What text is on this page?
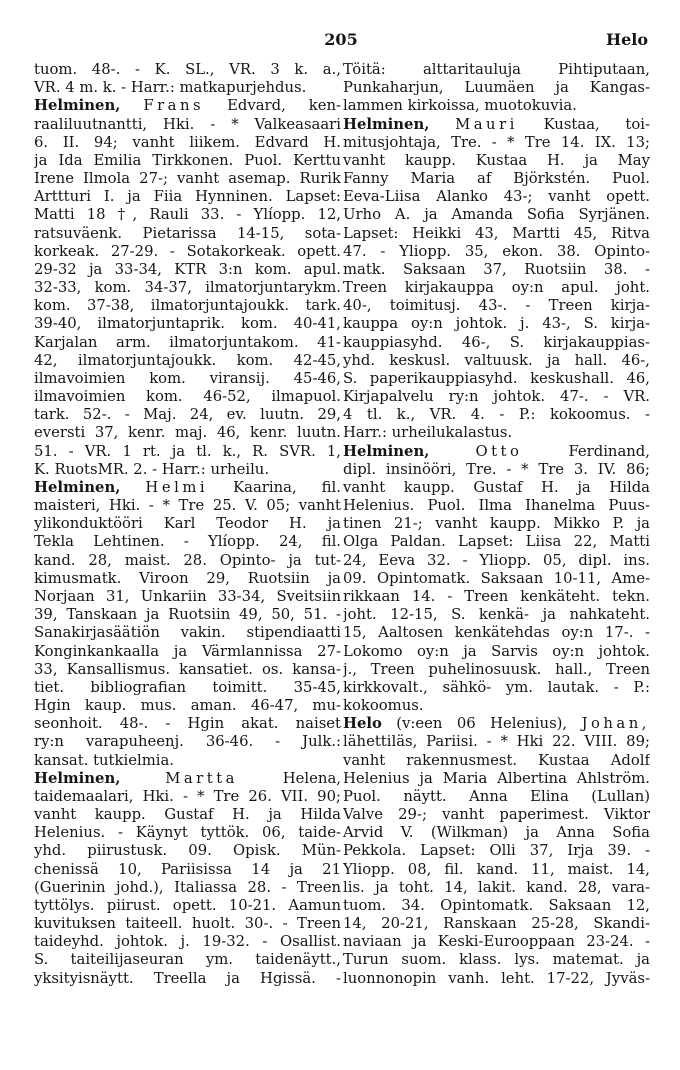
205	Helo
tuom. 48-. - K. SL., VR. 3 k. a.,
VR. 4 m. k. - Harr.: matkapurjehdus.
Helminen, Frans Edvard, ken-
raaliluutnantti, Hki. - * Valkeasaari
6. II. 94; vanht liikem. Edvard H.
ja Ida Emilia Tirkkonen. Puol. Kerttu
Irene Ilmola 27-; vanht asemap. Rurik
Arttturi I. ja Fiia Hynninen. Lapset:
Matti 18 †, Rauli 33. - Ylíopp. 12,
ratsuväenk. Pietarissa 14-15, sota-
korkeak. 27-29. - Sotakorkeak. opett.
29-32 ja 33-34, KTR 3:n kom. apul.
32-33, kom. 34-37, ilmatorjuntarykm.
kom. 37-38, ilmatorjuntajoukk. tark.
39-40, ilmatorjuntaprik. kom. 40-41,
Karjalan arm. ilmatorjuntakom. 41-
42, ilmatorjuntajoukk. kom. 42-45,
ilmavoimien kom. viransij. 45-46,
ilmavoimien kom. 46-52, ilmapuol.
tark. 52-. - Maj. 24, ev. luutn. 29,
eversti 37, kenr. maj. 46, kenr. luutn.
51. - VR. 1 rt. ja tl. k., R. SVR. 1,
K. RuotsMR. 2. - Harr.: urheilu.
Helminen, Helmi Kaarina, fil.
maisteri, Hki. - * Tre 25. V. 05; vanht
ylikonduktööri Karl Teodor H. ja
Tekla Lehtinen. - Ylíopp. 24, fil.
kand. 28, maist. 28. Opinto- ja tut-
kimusmatk. Viroon 29, Ruotsiin ja
Norjaan 31, Unkariin 33-34, Sveitsiin
39, Tanskaan ja Ruotsiin 49, 50, 51. -
Sanakirjasäätiön vakin. stipendiaatti
Konginkankaalla ja Värmlannissa 27-
33, Kansallismus. kansatiet. os. kansa-
tiet. bibliografian toimitt. 35-45,
Hgin kaup. mus. aman. 46-47, mu-
seonhoit. 48-. - Hgin akat. naiset
ry:n varapuheenj. 36-46. - Julk.:
kansat. tutkielmia.
Helminen,	Martta Helena,
taidemaalari, Hki. - * Tre 26. VII. 90;
vanht kaupp. Gustaf H. ja Hilda
Helenius. - Käynyt tyttök. 06, taide-
yhd. piirustusk. 09. Opisk. Mün-
chenissä 10, Pariisissa 14 ja 21
(Guerinin johd.), Italiassa 28. - Treen
tyttölys. piirust. opett. 10-21. Aamun
kuvituksen taiteell. huolt. 30-. - Treen
taideyhd. johtok. j. 19-32. - Osallist.
S. taiteilijaseuran ym. taidenäytt.,
yksityisnäytt. Treella ja Hgissä. -
Töitä: alttaritauluja Pihtiputaan,
Punkaharjun, Luumäen ja Kangas-
lammen kirkoissa, muotokuvia.
Helminen, Mauri Kustaa, toi-
mitusjohtaja, Tre. - * Tre 14. IX. 13;
vanht kaupp. Kustaa H. ja May
Fanny Maria af Björkstén. Puol.
Eeva-Liisa Alanko 43-; vanht opett.
Urho A. ja Amanda Sofia Syrjänen.
Lapset: Heikki 43, Martti 45, Ritva
47. - Ylioрр. 35, ekon. 38. Opinto-
matk. Saksaan 37, Ruotsiin 38. -
Treen kirjakauppa oy:n apul. joht.
40-, toimitusj. 43-. - Treen kirja-
kauppa oy:n johtok. j. 43-, S. kirja-
kauppiasyhd. 46-, S. kirjakauppias-
yhd. keskusl. valtuusk. ja hall. 46-,
S. paperikauppiasyhd. keskushall. 46,
Kirjapalvelu ry:n johtok. 47-. - VR.
4 tl. k., VR. 4. - P.: kokoomus. -
Harr.: urheilukalastus.
Helminen,	Otto Ferdinand,
dipl. insinööri, Tre. - * Tre 3. IV. 86;
vanht kaupp. Gustaf H. ja Hilda
Helenius. Puol. Ilma Ihanelma Puus-
tinen 21-; vanht kaupp. Mikko P. ja
Olga Paldan. Lapset: Liisa 22, Matti
24, Eeva 32. - Yliopp. 05, dipl. ins.
09. Opintomatk. Saksaan 10-11, Ame-
rikkaan 14. - Treen kenkäteht. tekn.
joht. 12-15, S. kenkä- ja nahkateht.
15, Aaltosen kenkätehdas oy:n 17-. -
Lokomo oy:n ja Sarvis oy:n johtok.
j., Treen puhelinosuusk. hall., Treen
kirkkovalt., sähkö- ym. lautak. - P.:
kokoomus.
Helo (v:een 06 Helenius), Johan,
lähettiläs, Pariisi. - * Hki 22. VIII. 89;
vanht rakennusmest. Kustaa Adolf
Helenius ja Maria Albertina Ahlström.
Puol. näytt. Anna Elina (Lullan)
Valve 29-; vanht paperimest. Viktor
Arvid V. (Wilkman) ja Anna Sofia
Pekkola. Lapset: Olli 37, Irja 39. -
Yliopp. 08, fil. kand. 11, maist. 14,
lis. ja toht. 14, lakit. kand. 28, vara-
tuom. 34. Opintomatk. Saksaan 12,
14, 20-21, Ranskaan 25-28, Skandi-
naviaan ja Keski-Eurooppaan 23-24. -
Turun suom. klass. lys. matemat. ja
luonnonopin vanh. leht. 17-22, Jyväs-
